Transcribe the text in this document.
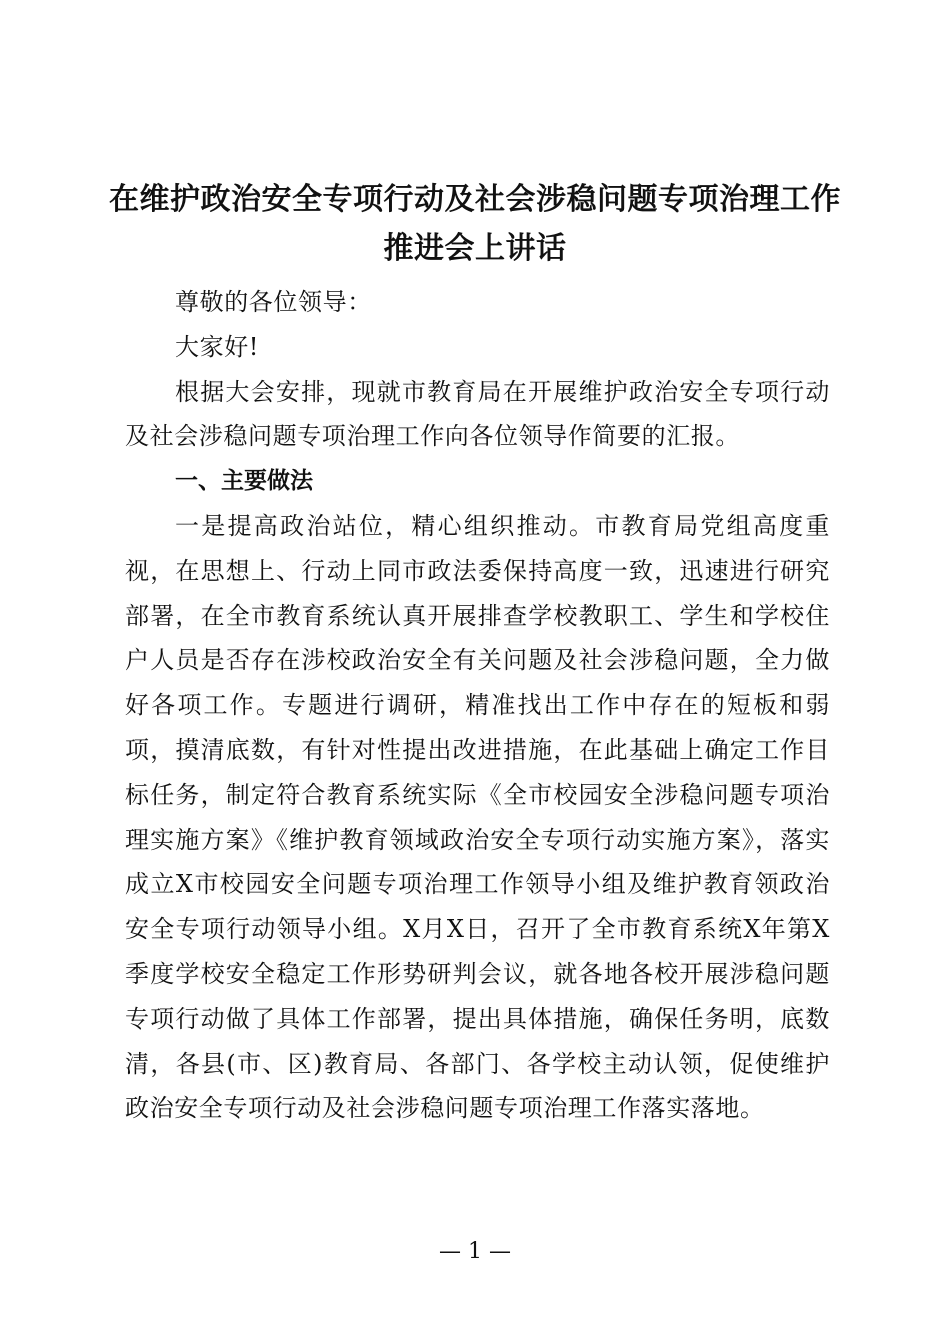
在维护政治安全专项行动及社会涉稳问题专项治理工作
推进会上讲话

尊敬的各位领导：

大家好!

根据大会安排，现就市教育局在开展维护政治安全专项行动及社会涉稳问题专项治理工作向各位领导作简要的汇报。

一、主要做法

一是提高政治站位，精心组织推动。市教育局党组高度重视，在思想上、行动上同市政法委保持高度一致，迅速进行研究部署，在全市教育系统认真开展排查学校教职工、学生和学校住户人员是否存在涉校政治安全有关问题及社会涉稳问题，全力做好各项工作。专题进行调研，精准找出工作中存在的短板和弱项，摸清底数，有针对性提出改进措施，在此基础上确定工作目标任务，制定符合教育系统实际《全市校园安全涉稳问题专项治理实施方案》《维护教育领域政治安全专项行动实施方案》，落实成立X市校园安全问题专项治理工作领导小组及维护教育领政治安全专项行动领导小组。X月X日，召开了全市教育系统X年第X季度学校安全稳定工作形势研判会议，就各地各校开展涉稳问题专项行动做了具体工作部署，提出具体措施，确保任务明，底数清，各县(市、区)教育局、各部门、各学校主动认领，促使维护政治安全专项行动及社会涉稳问题专项治理工作落实落地。

— 1 —
